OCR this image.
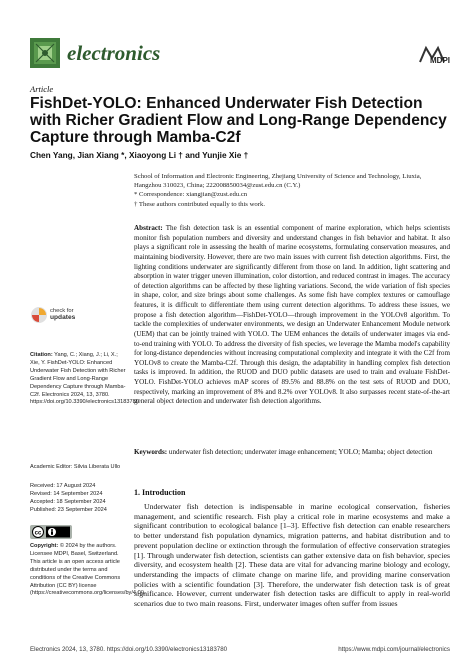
electronics	MDPI
Article
FishDet-YOLO: Enhanced Underwater Fish Detection with Richer Gradient Flow and Long-Range Dependency Capture through Mamba-C2f
Chen Yang, Jian Xiang *, Xiaoyong Li † and Yunjie Xie †

School of Information and Electronic Engineering, Zhejiang University of Science and Technology, Liuxia,

Hangzhou 310023, China; 222008850034@zust.edu.cn (C.Y.)

* Correspondence: xiangjian@zust.edu.cn

† These authors contributed equally to this work.

Abstract: The fish detection task is an essential component of marine exploration, which helps scientists monitor fish population numbers and diversity and understand changes in fish behavior and habitat. It also plays a significant role in assessing the health of marine ecosystems, formulating conservation measures, and maintaining biodiversity. However, there are two main issues with current fish detection algorithms. First, the lighting conditions underwater are significantly different from those on land. In addition, light scattering and absorption in water trigger uneven illumination, color distortion, and reduced contrast in images. The accuracy of detection algorithms can be affected by these lighting variations. Second, the wide variation of fish species in shape, color, and size brings about some challenges. As some fish have complex textures or camouflage features, it is difficult to differentiate them using current detection algorithms. To address these issues, we propose a fish detection algorithm—FishDet-YOLO—through improvement in the YOLOv8 algorithm. To tackle the complexities of underwater environments, we design an Underwater Enhancement Module network (UEM) that can be jointly trained with YOLO. The UEM enhances the details of underwater images via end-to-end training with YOLO. To address the diversity of fish species, we leverage the Mamba model's capability for long-distance dependencies without increasing computational complexity and integrate it with the C2f from YOLOv8 to create the Mamba-C2f. Through this design, the adaptability in handling complex fish detection tasks is improved. In addition, the RUOD and DUO public datasets are used to train and evaluate FishDet-YOLO. FishDet-YOLO achieves mAP scores of 89.5% and 88.8% on the test sets of RUOD and DUO, respectively, marking an improvement of 8% and 8.2% over YOLOv8. It also surpasses recent state-of-the-art general object detection and underwater fish detection algorithms.
Keywords: underwater fish detection; underwater image enhancement; YOLO; Mamba; object detection
check for
updates
Citation: Yang, C.; Xiang, J.; Li, X.; Xie, Y. FishDet-YOLO: Enhanced Underwater Fish Detection with Richer Gradient Flow and Long-Range Dependency Capture through Mamba-C2f. Electronics 2024, 13, 3780. https://doi.org/10.3390/electronics13183780
Academic Editor: Silvia Liberata Ullo
Received: 17 August 2024
Revised: 14 September 2024
Accepted: 18 September 2024
Published: 23 September 2024
cc
Copyright: © 2024 by the authors. Licensee MDPI, Basel, Switzerland. This article is an open access article distributed under the terms and conditions of the Creative Commons Attribution (CC BY) license (https://creativecommons.org/licenses/by/4.0/).
1. Introduction
Underwater fish detection is indispensable in marine ecological conservation, fisheries management, and scientific research. Fish play a critical role in marine ecosystems and make a significant contribution to ecological balance [1–3]. Effective fish detection can enable researchers to better understand fish population dynamics, migration patterns, and habitat distribution and to prevent population decline or extinction through the formulation of effective conservation strategies [1]. Through underwater fish detection, scientists can gather extensive data on fish behavior, species diversity, and ecosystem health [2]. These data are vital for advancing marine biology and ecology, understanding the impacts of climate change on marine life, and providing marine conservation policies with a scientific foundation [3]. Therefore, the underwater fish detection task is of great significance. However, current underwater fish detection tasks are difficult to apply in real-world scenarios due to two main reasons. First, underwater images often suffer from issues
Electronics 2024, 13, 3780. https://doi.org/10.3390/electronics13183780	https://www.mdpi.com/journal/electronics
